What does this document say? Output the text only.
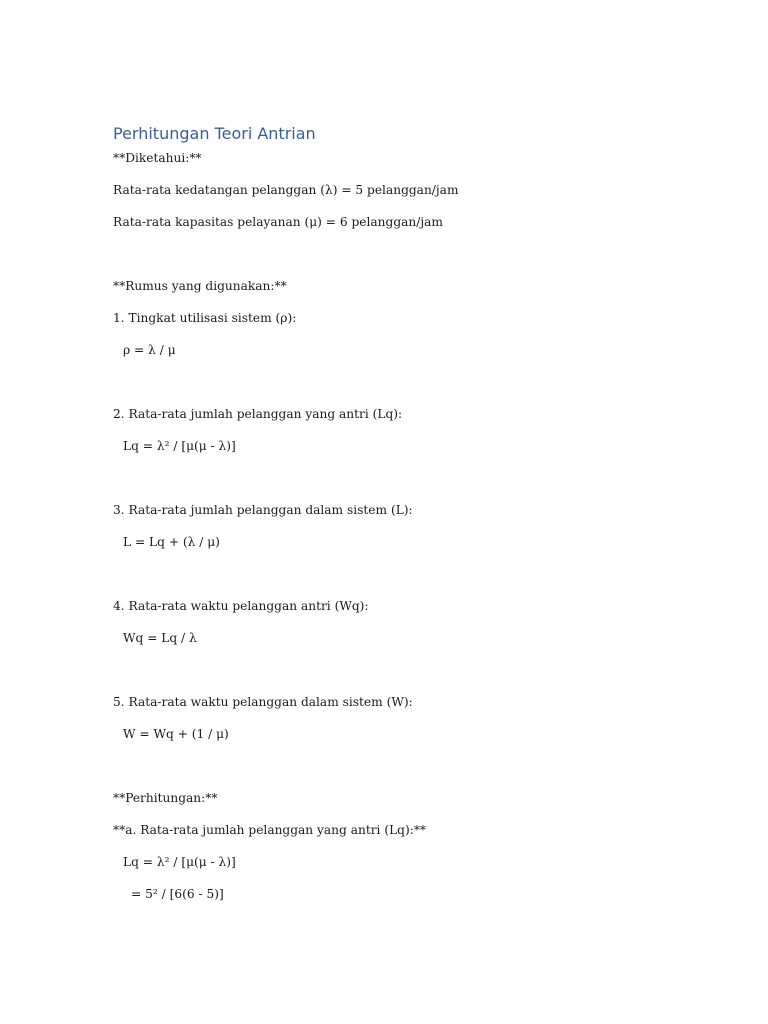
Perhitungan Teori Antrian

**Diketahui:**

Rata-rata kedatangan pelanggan (λ) = 5 pelanggan/jam

Rata-rata kapasitas pelayanan (μ) = 6 pelanggan/jam

**Rumus yang digunakan:**

1. Tingkat utilisasi sistem (ρ):

ρ = λ / μ

2. Rata-rata jumlah pelanggan yang antri (Lq):

Lq = λ² / [μ(μ - λ)]

3. Rata-rata jumlah pelanggan dalam sistem (L):

L = Lq + (λ / μ)

4. Rata-rata waktu pelanggan antri (Wq):

Wq = Lq / λ

5. Rata-rata waktu pelanggan dalam sistem (W):

W = Wq + (1 / μ)

**Perhitungan:**

**a. Rata-rata jumlah pelanggan yang antri (Lq):**

Lq = λ² / [μ(μ - λ)]

= 5² / [6(6 - 5)]
